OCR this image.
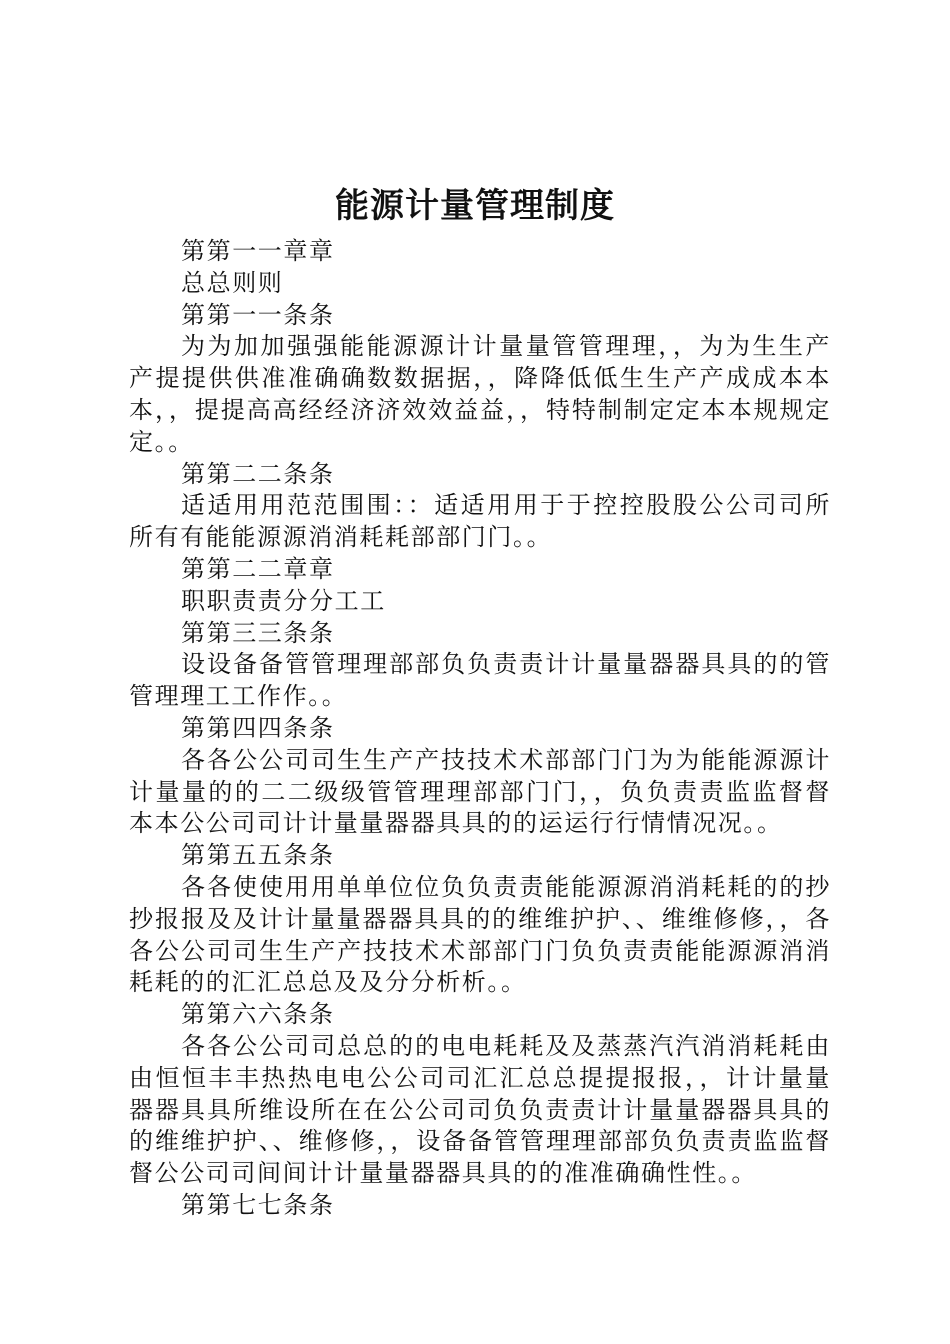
能源计量管理制度

第第一一章章

总总则则

第第一一条条

为为加加强强能能源源计计量量管管理理，，为为生生产产提提供供准准确确数数据据，，降降低低生生产产成成本本本，，提提高高经经济济效效益益，，特特制制定定本本规规定定。。

第第二二条条

适适用用范范围围：：适适用用于于控控股股公公司司所所有有能能源源消消耗耗部部门门。。

第第二二章章

职职责责分分工工

第第三三条条

设设备备管管理理部部负负责责计计量量器器具具的的管管理理工工作作。。

第第四四条条

各各公公司司生生产产技技术术部部门门为为能能源源计计量量的的二二级级管管理理部部门门，，负负责责监监督督本本公公司司计计量量器器具具的的运运行行情情况况。。

第第五五条条

各各使使用用单单位位负负责责能能源源消消耗耗的的抄抄报报及及计计量量器器具具的的维维护护、、维维修修，，各各公公司司生生产产技技术术部部门门负负责责能能源源消消耗耗的的汇汇总总及及分分析析。。

第第六六条条

各各公公司司总总的的电电耗耗及及蒸蒸汽汽消消耗耗由由恒恒丰丰热热电电公公司司汇汇总总提提报报，，计计量量器器具具所维设所在在公公司司负负责责计计量量器器具具的的维维护护、、维修修，，设备备管管理理部部负负责责监监督督公公司司间间计计量量器器具具的的准准确确性性。。

第第七七条条
